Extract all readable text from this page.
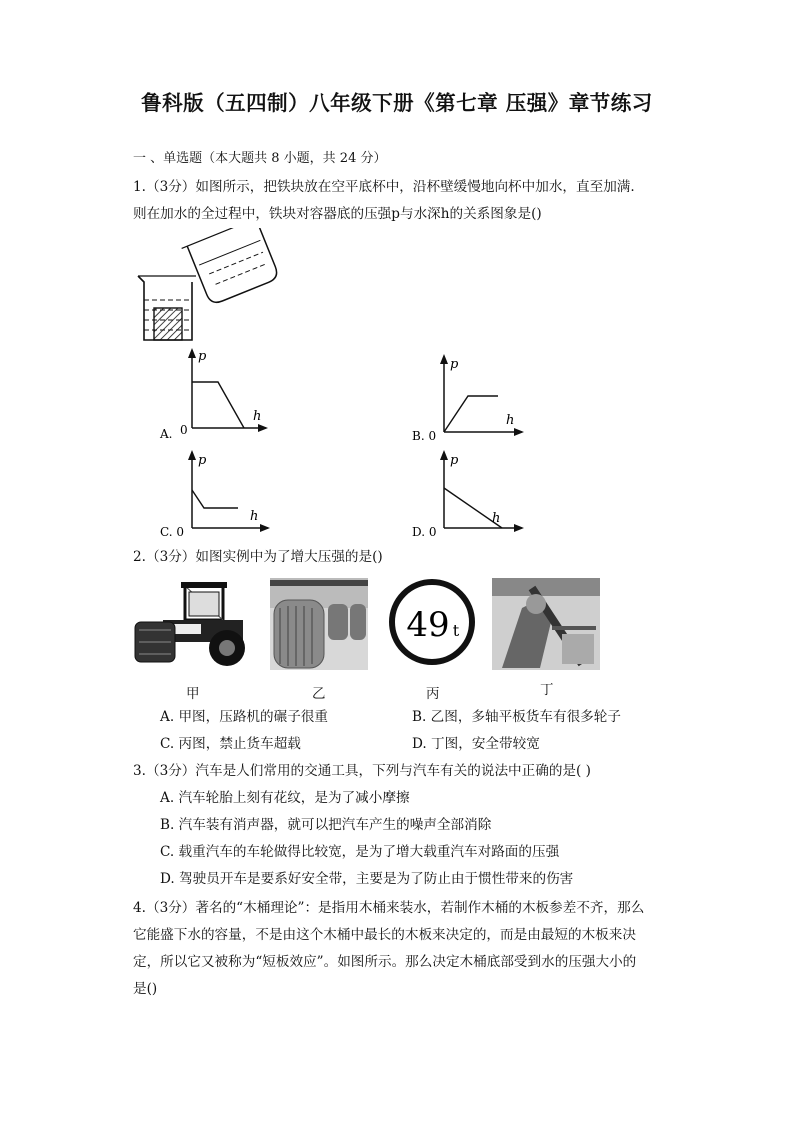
鲁科版（五四制）八年级下册《第七章 压强》章节练习
一 、单选题（本大题共 8 小题，共 24 分）
1.（3分）如图所示，把铁块放在空平底杯中，沿杯壁缓慢地向杯中加水，直至加满.
则在加水的全过程中，铁块对容器底的压强p与水深h的关系图象是()
p
h
0
A.
p
h
B. 0
p
h
C. 0
p
h
D. 0
2.（3分）如图实例中为了增大压强的是()
49 t
甲	乙	丙	丁
A. 甲图，压路机的碾子很重	B. 乙图，多轴平板货车有很多轮子
C. 丙图，禁止货车超载	D. 丁图，安全带较宽
3.（3分）汽车是人们常用的交通工具，下列与汽车有关的说法中正确的是( )
A. 汽车轮胎上刻有花纹，是为了减小摩擦
B. 汽车装有消声器，就可以把汽车产生的噪声全部消除
C. 载重汽车的车轮做得比较宽，是为了增大载重汽车对路面的压强
D. 驾驶员开车是要系好安全带，主要是为了防止由于惯性带来的伤害
4.（3分）著名的“木桶理论”：是指用木桶来装水，若制作木桶的木板参差不齐，那么
它能盛下水的容量，不是由这个木桶中最长的木板来决定的，而是由最短的木板来决
定，所以它又被称为“短板效应”。如图所示。那么决定木桶底部受到水的压强大小的
是()
